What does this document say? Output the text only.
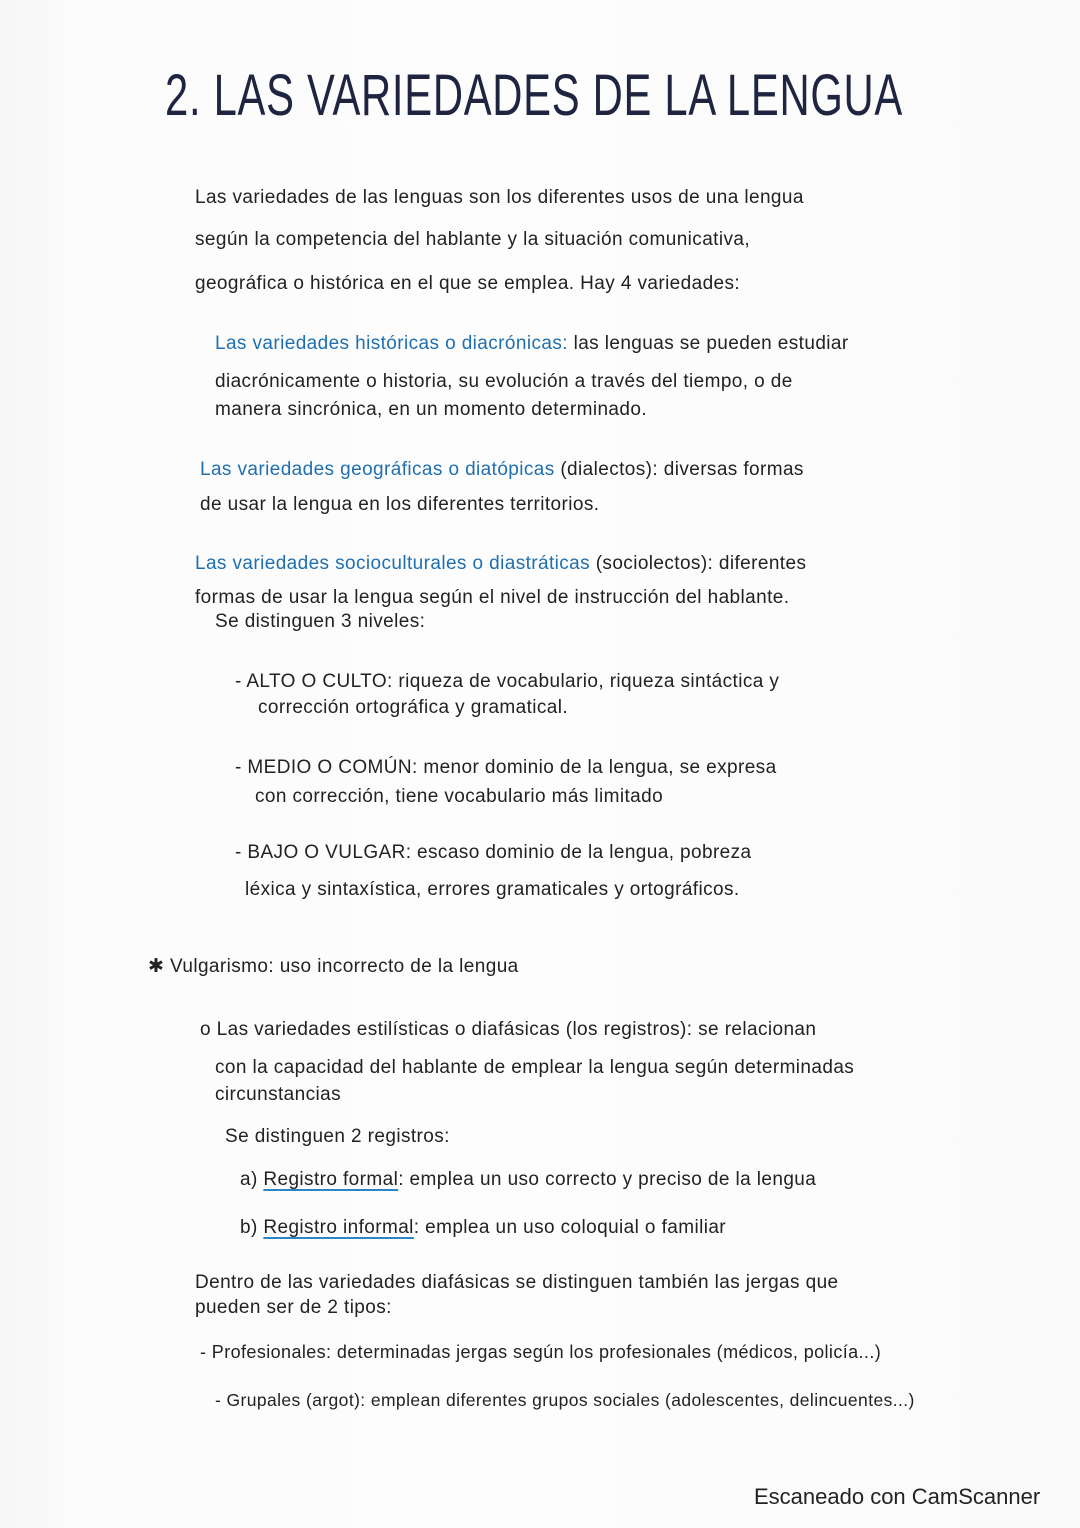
2. LAS VARIEDADES DE LA LENGUA
Las variedades de las lenguas son los diferentes usos de una lengua
según la competencia del hablante y la situación comunicativa,
geográfica o histórica en el que se emplea. Hay 4 variedades:
Las variedades históricas o diacrónicas: las lenguas se pueden estudiar
diacrónicamente o historia, su evolución a través del tiempo, o de
manera sincrónica, en un momento determinado.
Las variedades geográficas o diatópicas (dialectos): diversas formas
de usar la lengua en los diferentes territorios.
Las variedades socioculturales o diastráticas (sociolectos): diferentes
formas de usar la lengua según el nivel de instrucción del hablante.
Se distinguen 3 niveles:
- ALTO O CULTO: riqueza de vocabulario, riqueza sintáctica y
corrección ortográfica y gramatical.
- MEDIO O COMÚN: menor dominio de la lengua, se expresa
con corrección, tiene vocabulario más limitado
- BAJO O VULGAR: escaso dominio de la lengua, pobreza
léxica y sintaxística, errores gramaticales y ortográficos.
✱ Vulgarismo: uso incorrecto de la lengua
o Las variedades estilísticas o diafásicas (los registros): se relacionan
con la capacidad del hablante de emplear la lengua según determinadas
circunstancias
Se distinguen 2 registros:
a) Registro formal: emplea un uso correcto y preciso de la lengua
b) Registro informal: emplea un uso coloquial o familiar
Dentro de las variedades diafásicas se distinguen también las jergas que
pueden ser de 2 tipos:
- Profesionales: determinadas jergas según los profesionales (médicos, policía...)
- Grupales (argot): emplean diferentes grupos sociales (adolescentes, delincuentes...)
Escaneado con CamScanner
